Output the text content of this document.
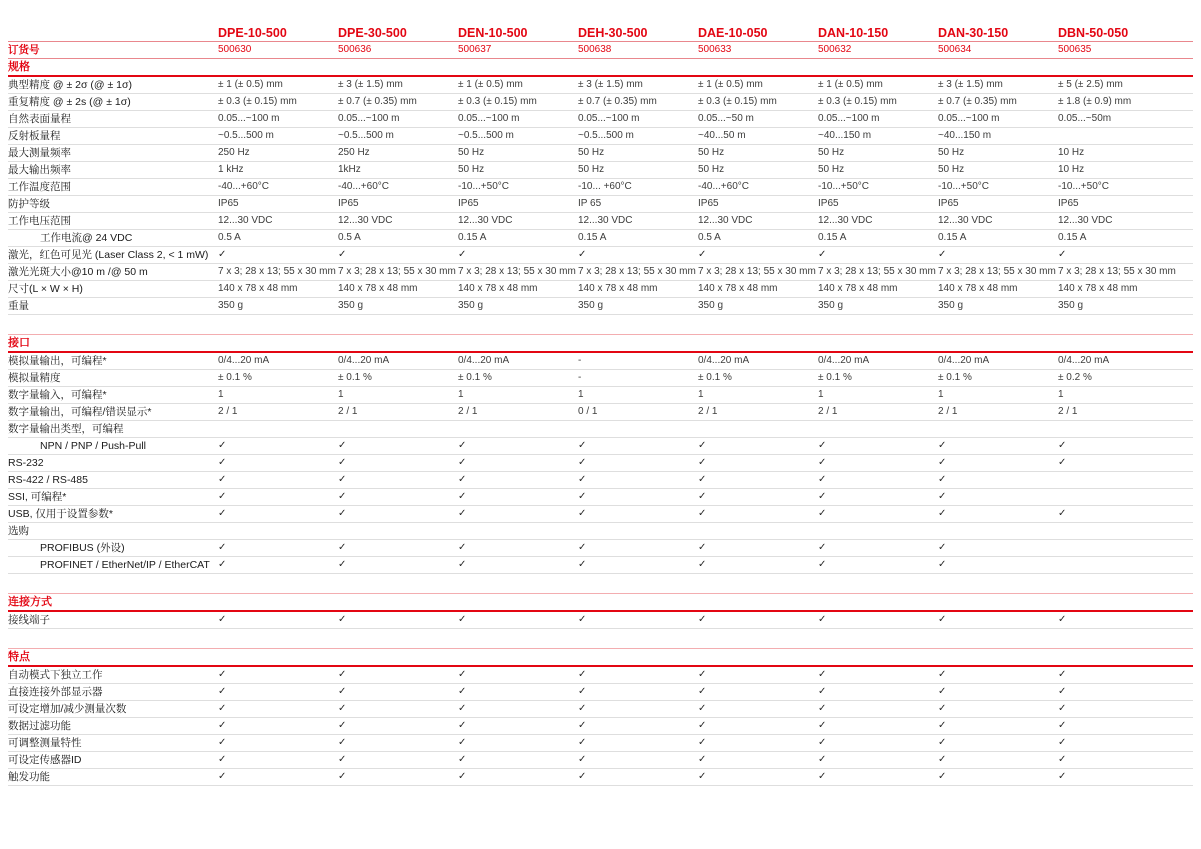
DPE-10-500	DPE-30-500	DEN-10-500	DEH-30-500	DAE-10-050	DAN-10-150	DAN-30-150	DBN-50-050
订货号	500630	500636	500637	500638	500633	500632	500634	500635
规格
典型精度 @ ± 2σ (@ ± 1σ)	± 1 (± 0.5) mm	± 3 (± 1.5) mm	± 1 (± 0.5) mm	± 3 (± 1.5) mm	± 1 (± 0.5) mm	± 1 (± 0.5) mm	± 3 (± 1.5) mm	± 5 (± 2.5) mm
重复精度 @ ± 2s (@ ± 1σ)	± 0.3 (± 0.15) mm	± 0.7 (± 0.35) mm	± 0.3 (± 0.15) mm	± 0.7 (± 0.35) mm	± 0.3 (± 0.15) mm	± 0.3 (± 0.15) mm	± 0.7 (± 0.35) mm	± 1.8 (± 0.9) mm
自然表面量程	0.05...~100 m	0.05...~100 m	0.05...~100 m	0.05...~100 m	0.05...~50 m	0.05...~100 m	0.05...~100 m	0.05...~50m
反射板量程	~0.5...500 m	~0.5...500 m	~0.5...500 m	~0.5...500 m	~40...50 m	~40...150 m	~40...150 m
最大测量频率	250 Hz	250 Hz	50 Hz	50 Hz	50 Hz	50 Hz	50 Hz	10 Hz
最大输出频率	1 kHz	1kHz	50 Hz	50 Hz	50 Hz	50 Hz	50 Hz	10 Hz
工作温度范围	-40...+60°C	-40...+60°C	-10...+50°C	-10... +60°C	-40...+60°C	-10...+50°C	-10...+50°C	-10...+50°C
防护等级	IP65	IP65	IP65	IP 65	IP65	IP65	IP65	IP65
工作电压范围	12...30 VDC	12...30 VDC	12...30 VDC	12...30 VDC	12...30 VDC	12...30 VDC	12...30 VDC	12...30 VDC
工作电流@ 24 VDC	0.5 A	0.5 A	0.15 A	0.15 A	0.5 A	0.15 A	0.15 A	0.15 A
激光，红色可见光 (Laser Class 2, < 1 mW) ✓	✓	✓	✓	✓	✓	✓	✓
激光光斑大小@10 m /@ 50 m	7 x 3; 28 x 13; 55 x 30 mm 7 x 3; 28 x 13; 55 x 30 mm 7 x 3; 28 x 13; 55 x 30 mm 7 x 3; 28 x 13; 55 x 30 mm 7 x 3; 28 x 13; 55 x 30 mm 7 x 3; 28 x 13; 55 x 30 mm 7 x 3; 28 x 13; 55 x 30 mm 7 x 3; 28 x 13; 55 x 30 mm
尺寸(L × W × H)	140 x 78 x 48 mm	140 x 78 x 48 mm	140 x 78 x 48 mm	140 x 78 x 48 mm	140 x 78 x 48 mm	140 x 78 x 48 mm	140 x 78 x 48 mm	140 x 78 x 48 mm
重量	350 g	350 g	350 g	350 g	350 g	350 g	350 g	350 g
接口
模拟量输出，可编程*	0/4...20 mA	0/4...20 mA	0/4...20 mA	-	0/4...20 mA	0/4...20 mA	0/4...20 mA	0/4...20 mA
模拟量精度	± 0.1 %	± 0.1 %	± 0.1 %	-	± 0.1 %	± 0.1 %	± 0.1 %	± 0.2 %
数字量输入，可编程*	1	1	1	1	1	1	1	1
数字量输出，可编程/错误显示*	2 / 1	2 / 1	2 / 1	0 / 1	2 / 1	2 / 1	2 / 1	2 / 1
数字量输出类型，可编程
NPN / PNP / Push-Pull	✓	✓	✓	✓	✓	✓	✓	✓
RS-232	✓	✓	✓	✓	✓	✓	✓	✓
RS-422 / RS-485	✓	✓	✓	✓	✓	✓	✓
SSI, 可编程*	✓	✓	✓	✓	✓	✓	✓
USB, 仅用于设置参数*	✓	✓	✓	✓	✓	✓	✓	✓
选购
PROFIBUS (外设)	✓	✓	✓	✓	✓	✓	✓
PROFINET / EtherNet/IP / EtherCAT ✓	✓	✓	✓	✓	✓	✓
连接方式
接线端子	✓	✓	✓	✓	✓	✓	✓	✓
特点
自动模式下独立工作	✓	✓	✓	✓	✓	✓	✓	✓
直接连接外部显示器	✓	✓	✓	✓	✓	✓	✓	✓
可设定增加/减少测量次数	✓	✓	✓	✓	✓	✓	✓	✓
数据过滤功能	✓	✓	✓	✓	✓	✓	✓	✓
可调整测量特性	✓	✓	✓	✓	✓	✓	✓	✓
可设定传感器ID	✓	✓	✓	✓	✓	✓	✓	✓
触发功能	✓	✓	✓	✓	✓	✓	✓	✓
